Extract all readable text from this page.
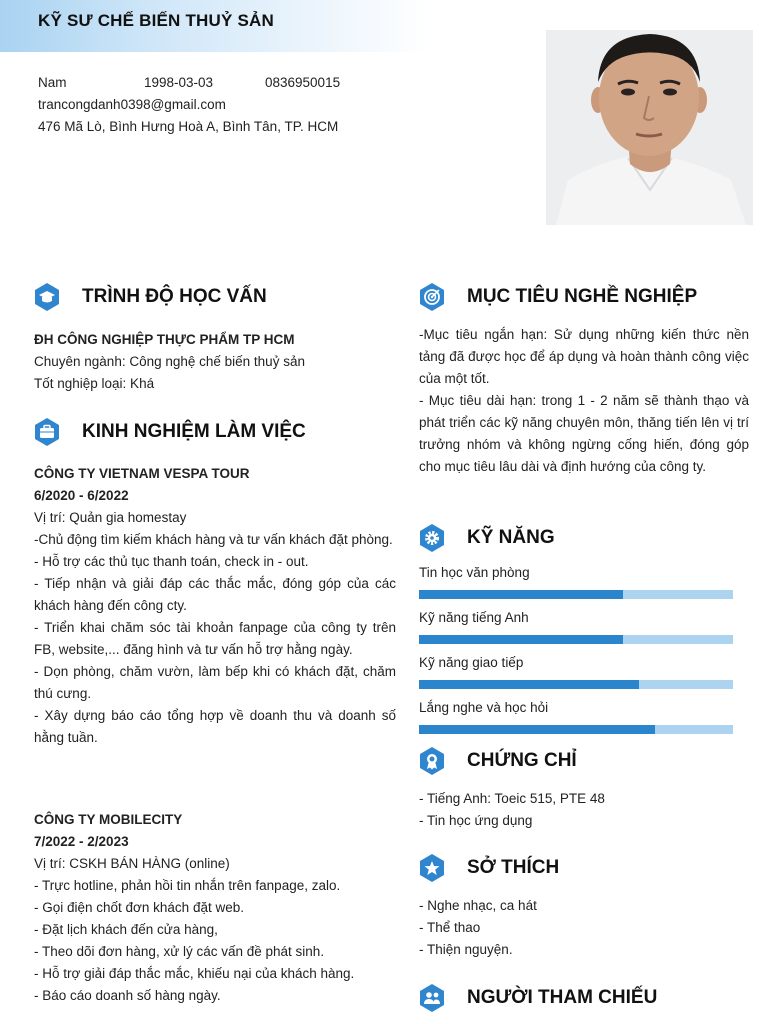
KỸ SƯ CHẾ BIẾN THUỶ SẢN
Nam	1998-03-03	0836950015
trancongdanh0398@gmail.com
476 Mã Lò, Bình Hưng Hoà A, Bình Tân, TP. HCM
TRÌNH ĐỘ HỌC VẤN
ĐH CÔNG NGHIỆP THỰC PHẨM TP HCM
Chuyên ngành: Công nghệ chế biến thuỷ sản
Tốt nghiệp loại: Khá
KINH NGHIỆM LÀM VIỆC
CÔNG TY VIETNAM VESPA TOUR
6/2020 - 6/2022
Vị trí: Quản gia homestay
-Chủ động tìm kiếm khách hàng và tư vấn khách đặt phòng.
- Hỗ trợ các thủ tục thanh toán, check in - out.
- Tiếp nhận và giải đáp các thắc mắc, đóng góp của các khách hàng đến công cty.
- Triển khai chăm sóc tài khoản fanpage của công ty trên FB, website,... đăng hình và tư vấn hỗ trợ hằng ngày.
- Dọn phòng, chăm vườn, làm bếp khi có khách đặt, chăm thú cưng.
- Xây dựng báo cáo tổng hợp về doanh thu và doanh số hằng tuần.
CÔNG TY MOBILECITY
7/2022 - 2/2023
Vị trí: CSKH BÁN HÀNG (online)
- Trực hotline, phản hồi tin nhắn trên fanpage, zalo.
- Gọi điện chốt đơn khách đặt web.
- Đặt lịch khách đến cửa hàng,
- Theo dõi đơn hàng, xử lý các vấn đề phát sinh.
- Hỗ trợ giải đáp thắc mắc, khiếu nại của khách hàng.
- Báo cáo doanh số hàng ngày.
MỤC TIÊU NGHỀ NGHIỆP
-Mục tiêu ngắn hạn: Sử dụng những kiến thức nền tảng đã được học để áp dụng và hoàn thành công việc của một tốt.
- Mục tiêu dài hạn: trong 1 - 2 năm sẽ thành thạo và phát triển các kỹ năng chuyên môn, thăng tiến lên vị trí trưởng nhóm và không ngừng cống hiến, đóng góp cho mục tiêu lâu dài và định hướng của công ty.
KỸ NĂNG
Tin học văn phòng
Kỹ năng tiếng Anh
Kỹ năng giao tiếp
Lắng nghe và học hỏi
CHỨNG CHỈ
- Tiếng Anh: Toeic 515, PTE 48
- Tin học ứng dụng
SỞ THÍCH
- Nghe nhạc, ca hát
- Thể thao
- Thiện nguyện.
NGƯỜI THAM CHIẾU
